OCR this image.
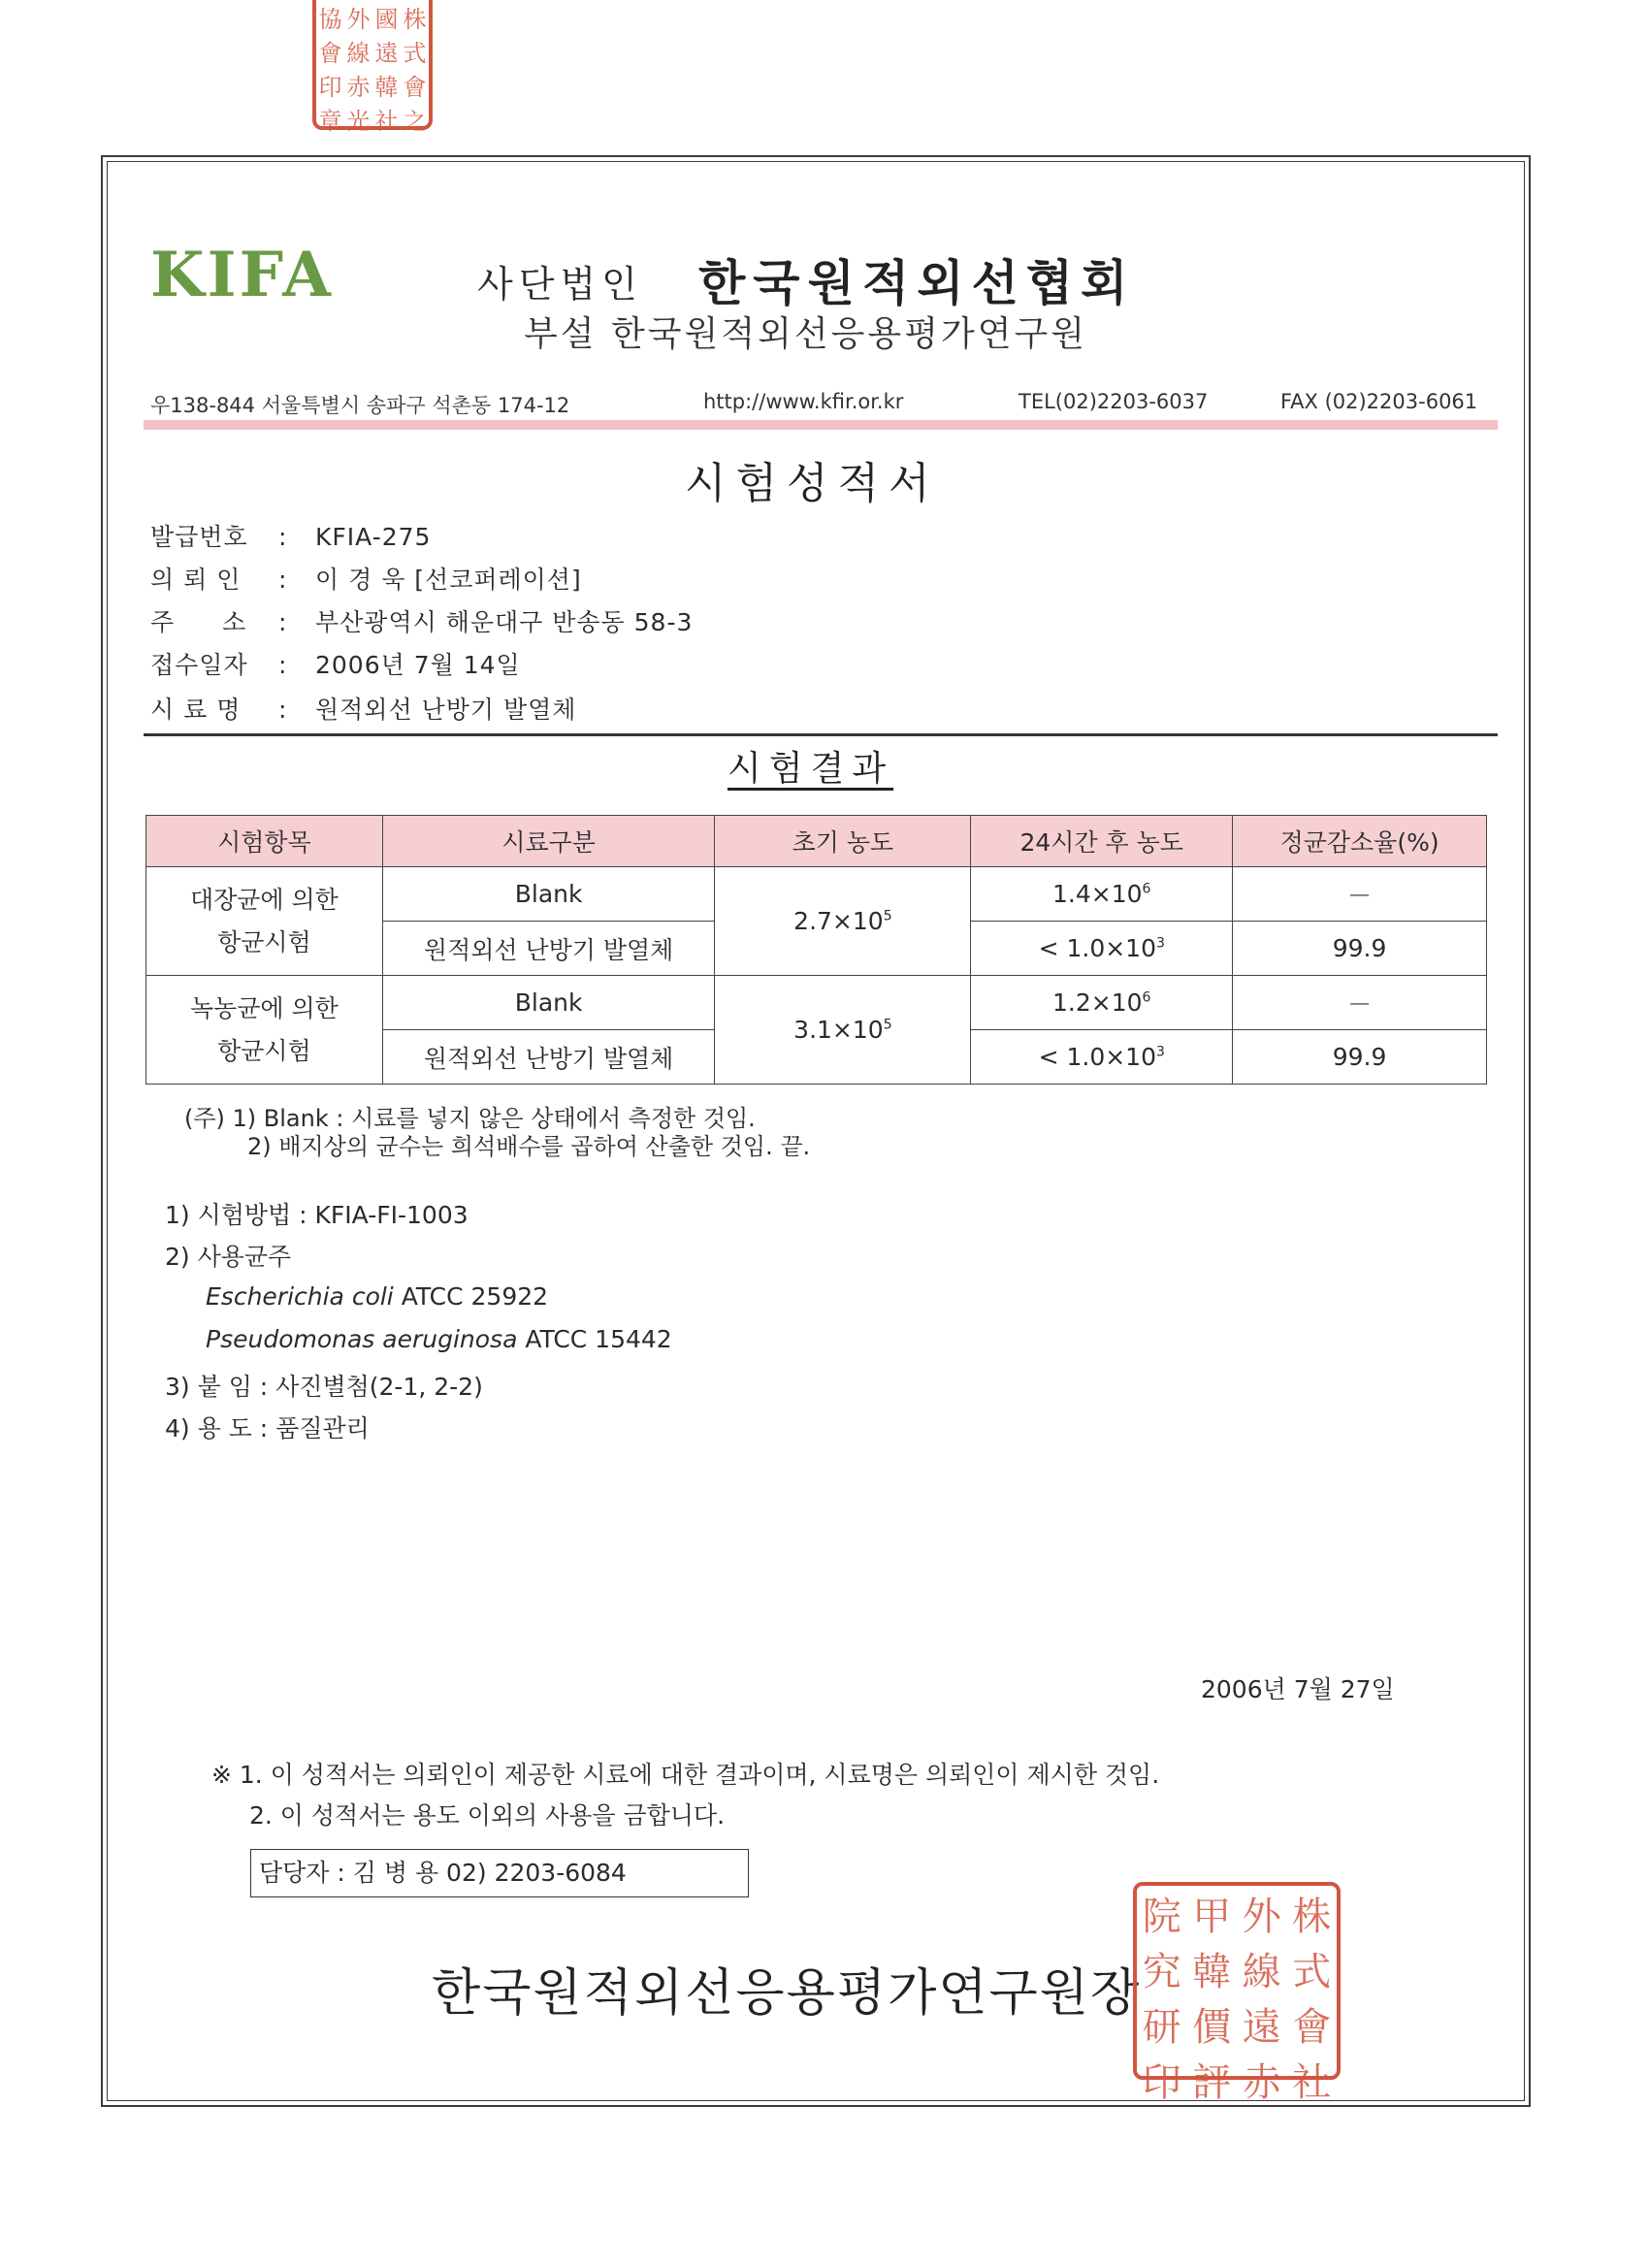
協 外 國 株
會 線 遠 式
印 赤 韓 會
章 光 社 之
KIFA	사단법인 한국원적외선협회
부설 한국원적외선응용평가연구원
우138-844 서울특별시 송파구 석촌동 174-12	http://www.kfir.or.kr	TEL(02)2203-6037	FAX (02)2203-6061
시험성적서
발급번호	: KFIA-275
의 뢰 인	: 이 경 욱 [선코퍼레이션]
주 소	: 부산광역시 해운대구 반송동 58-3
접수일자	: 2006년 7월 14일
시 료 명	: 원적외선 난방기 발열체
시험결과
시험항목	시료구분	초기 농도	24시간 후 농도	정균감소율(%)

대장균에 의한
항균시험	Blank	$2.7\times 10^5$	$1.4\times 10^6$	－
	원적외선 난방기 발열체		< $1.0\times 10^3$	99.9

녹농균에 의한
항균시험	Blank	$3.1\times 10^5$	$1.2\times 10^6$	－
	원적외선 난방기 발열체		< $1.0\times 10^3$	99.9
(주) 1) Blank : 시료를 넣지 않은 상태에서 측정한 것임.
2) 배지상의 균수는 희석배수를 곱하여 산출한 것임. 끝.
1) 시험방법 : KFIA-FI-1003
2) 사용균주
Escherichia coli ATCC 25922
Pseudomonas aeruginosa ATCC 15442
3) 붙 임 : 사진별첨(2-1, 2-2)
4) 용 도 : 품질관리
2006년 7월 27일
※ 1. 이 성적서는 의뢰인이 제공한 시료에 대한 결과이며, 시료명은 의뢰인이 제시한 것임.
2. 이 성적서는 용도 이외의 사용을 금합니다.
담당자 : 김 병 용 02) 2203-6084
한국원적외선응용평가연구원장
院 甲 外 株
究 韓 線 式
研 價 遠 會
印 評 赤 社
